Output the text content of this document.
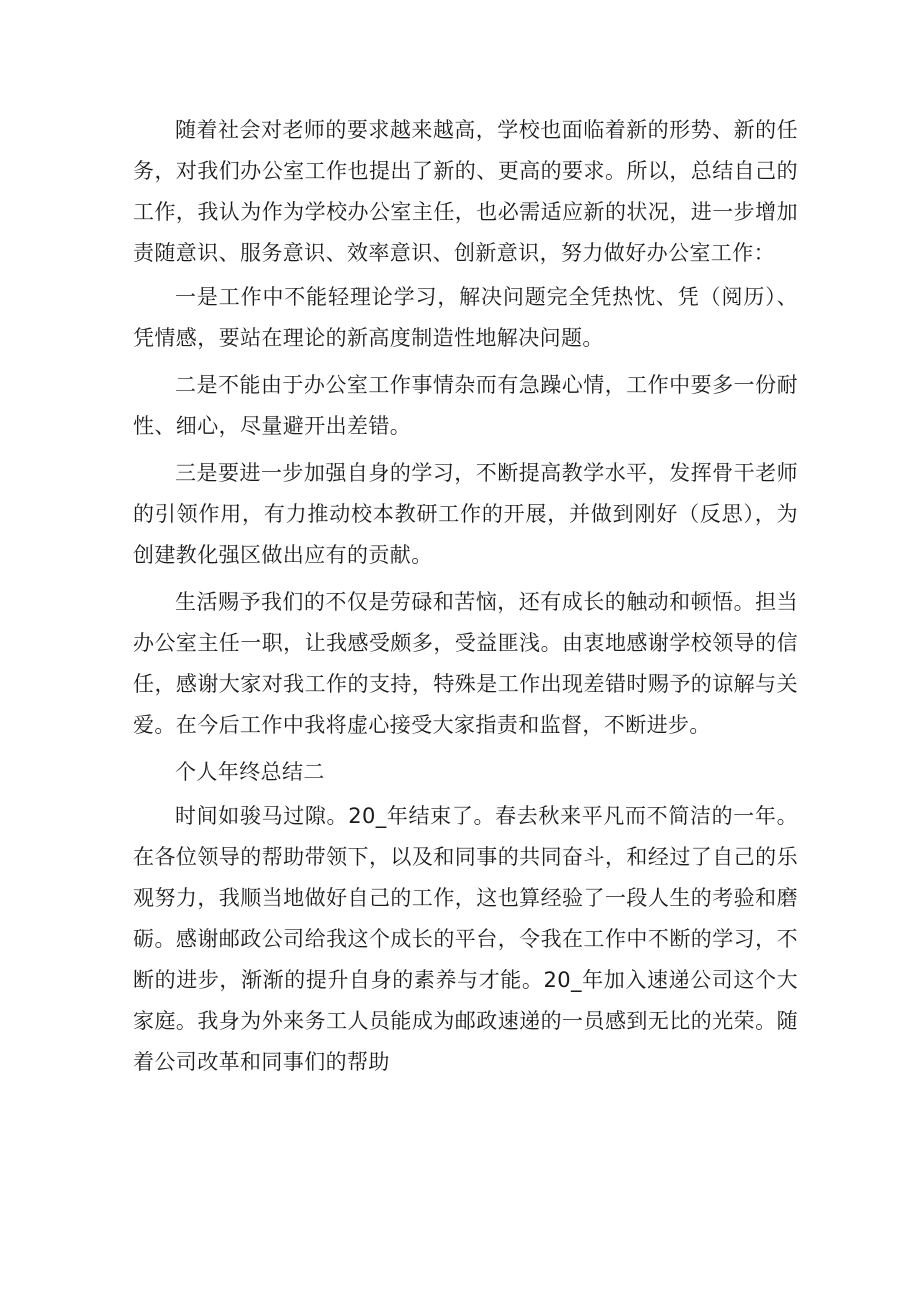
随着社会对老师的要求越来越高，学校也面临着新的形势、新的任务，对我们办公室工作也提出了新的、更高的要求。所以，总结自己的工作，我认为作为学校办公室主任，也必需适应新的状况，进一步增加责随意识、服务意识、效率意识、创新意识，努力做好办公室工作：

一是工作中不能轻理论学习，解决问题完全凭热忱、凭（阅历）、凭情感，要站在理论的新高度制造性地解决问题。

二是不能由于办公室工作事情杂而有急躁心情，工作中要多一份耐性、细心，尽量避开出差错。

三是要进一步加强自身的学习，不断提高教学水平，发挥骨干老师的引领作用，有力推动校本教研工作的开展，并做到刚好（反思），为创建教化强区做出应有的贡献。

生活赐予我们的不仅是劳碌和苦恼，还有成长的触动和顿悟。担当办公室主任一职，让我感受颇多，受益匪浅。由衷地感谢学校领导的信任，感谢大家对我工作的支持，特殊是工作出现差错时赐予的谅解与关爱。在今后工作中我将虚心接受大家指责和监督，不断进步。

个人年终总结二

时间如骏马过隙。20_年结束了。春去秋来平凡而不简洁的一年。在各位领导的帮助带领下，以及和同事的共同奋斗，和经过了自己的乐观努力，我顺当地做好自己的工作，这也算经验了一段人生的考验和磨砺。感谢邮政公司给我这个成长的平台，令我在工作中不断的学习，不断的进步，渐渐的提升自身的素养与才能。20_年加入速递公司这个大家庭。我身为外来务工人员能成为邮政速递的一员感到无比的光荣。随着公司改革和同事们的帮助
